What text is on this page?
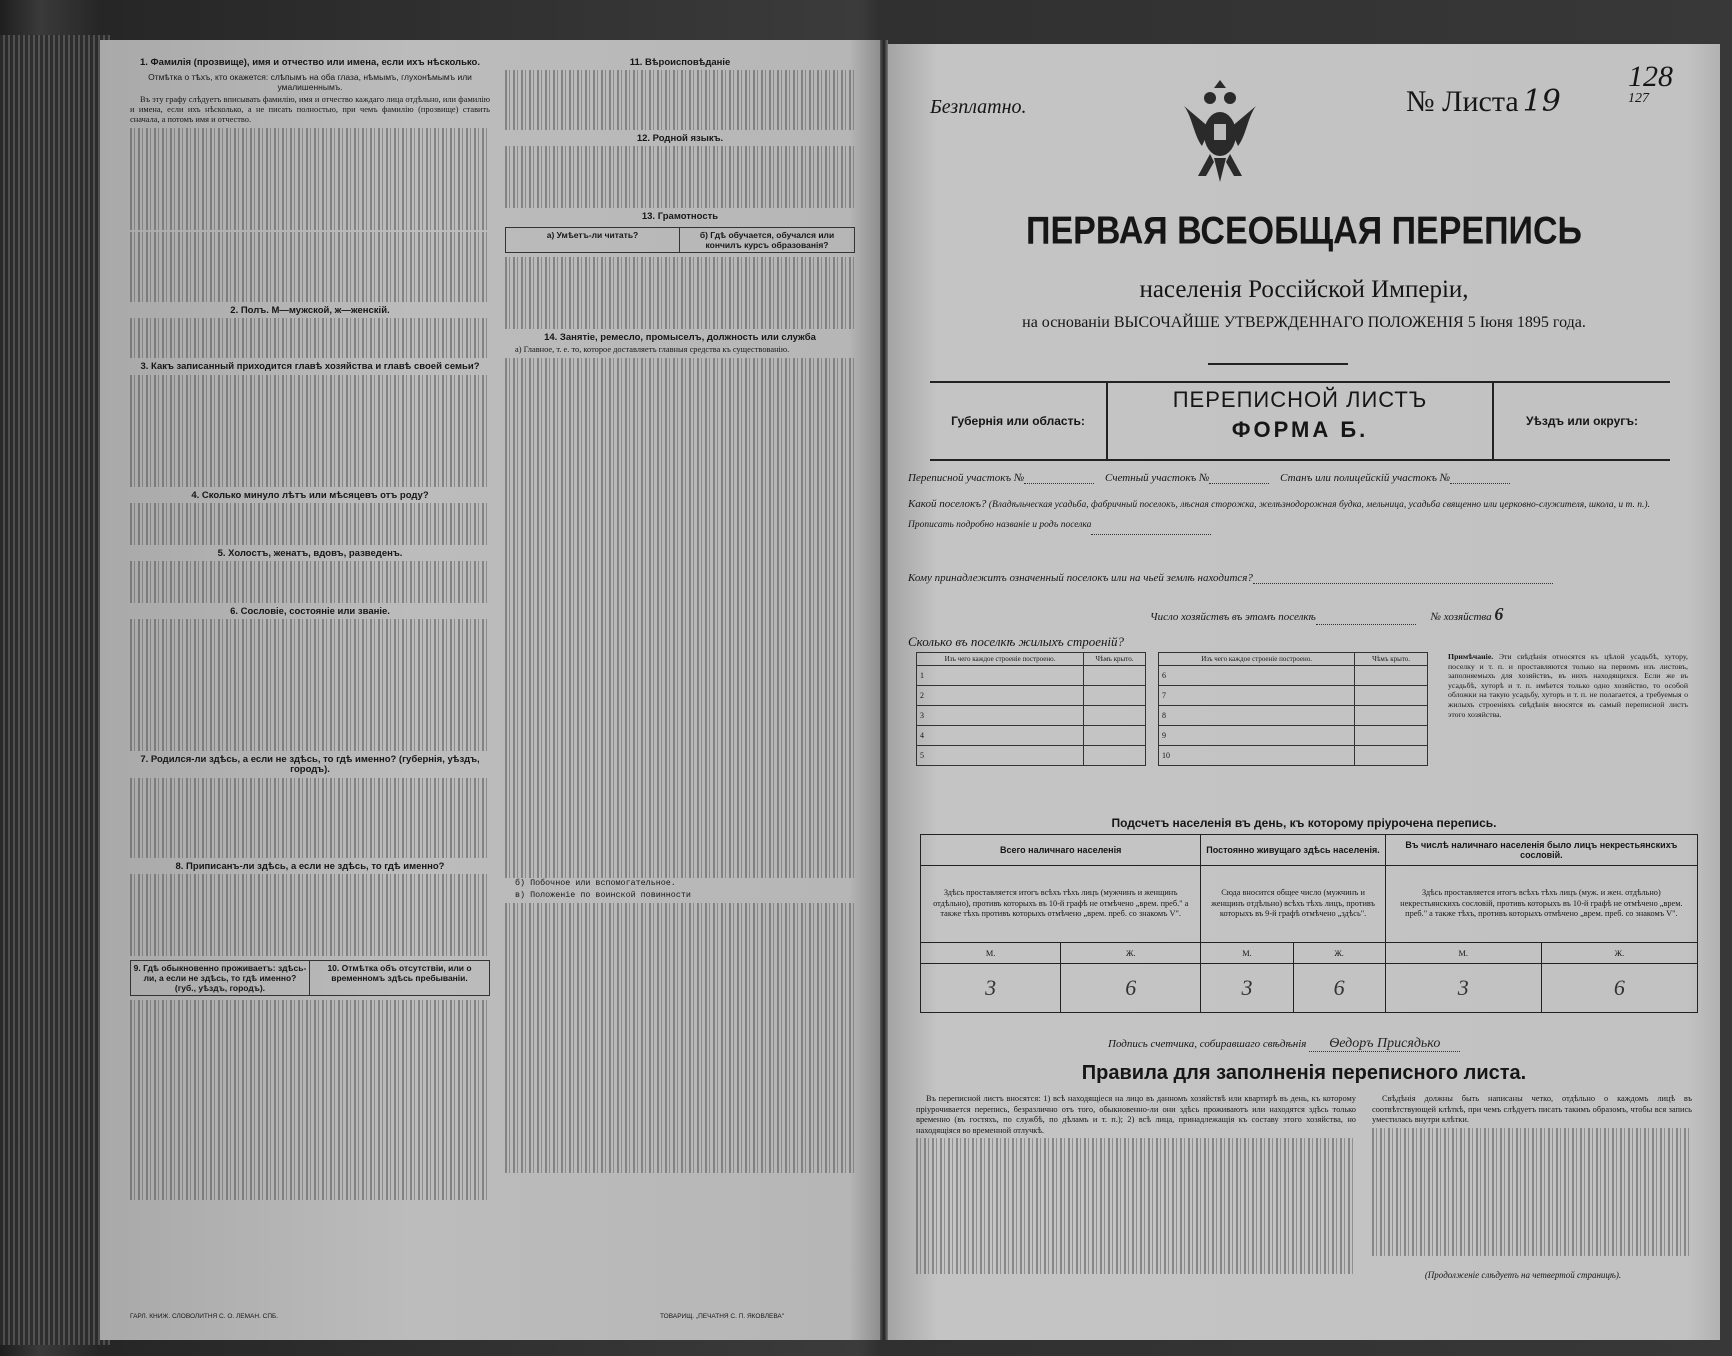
1. Фамилія (прозвище), имя и отчество или имена, если ихъ нѣсколько.
Отмѣтка о тѣхъ, кто окажется: слѣпымъ на оба глаза, нѣмымъ, глухонѣмымъ или умалишеннымъ.

Въ эту графу слѣдуетъ вписывать фамилію, имя и отчество каждаго лица отдѣльно, или фамилію и имена, если ихъ нѣсколько, а не писать полностью, при чемъ фамилію (прозвище) ставить сначала, а потомъ имя и отчество.

2. Полъ. М—мужской, ж—женскій.
3. Какъ записанный приходится главѣ хозяйства и главѣ своей семьи?
4. Сколько минуло лѣтъ или мѣсяцевъ отъ роду?
5. Холостъ, женатъ, вдовъ, разведенъ.
6. Сословіе, состояніе или званіе.
7. Родился-ли здѣсь, а если не здѣсь, то гдѣ именно? (губернія, уѣздъ, городъ).
8. Приписанъ-ли здѣсь, а если не здѣсь, то гдѣ именно?
9. Гдѣ обыкновенно проживаетъ: здѣсь-ли, а если не здѣсь, то гдѣ именно? (губ., уѣздъ, городъ).
10. Отмѣтка объ отсутствіи, или о временномъ здѣсь пребываніи.
ГАРЛ. КНИЖ. СЛОВОЛИТНЯ С. О. ЛЕМАН. СПБ.
11. Вѣроисповѣданіе
12. Родной языкъ.
13. Грамотность
а) Умѣетъ-ли читать?	б) Гдѣ обучается, обучался или кончилъ курсъ образованія?
14. Занятіе, ремесло, промыселъ, должность или служба

а) Главное, т. е. то, которое доставляетъ главныя средства къ существованію.

б) Побочное или вспомогательное.

в) Положеніе по воинской повинности

ТОВАРИЩ. „ПЕЧАТНЯ С. П. ЯКОВЛЕВА"
Безплатно.	№ Листа 19
128
127
ПЕРВАЯ ВСЕОБЩАЯ ПЕРЕПИСЬ
населенія Россійской Имперіи,
на основаніи ВЫСОЧАЙШЕ УТВЕРЖДЕННАГО ПОЛОЖЕНІЯ 5 Іюня 1895 года.
Губернія или область:
ПЕРЕПИСНОЙ ЛИСТЪ
ФОРМА Б.	Уѣздъ или округъ:
Переписной участокъ №	Счетный участокъ №	Станъ или полицейскій участокъ №
Какой поселокъ? (Владѣльческая усадьба, фабричный поселокъ, лѣсная сторожка, желѣзнодорожная будка, мельница, усадьба священно или церковно-служителя, школа, и т. п.). Прописать подробно названіе и родъ поселка
Кому принадлежитъ означенный поселокъ или на чьей землѣ находится?
Число хозяйствъ въ этомъ поселкѣ	№ хозяйства 6
Сколько въ поселкѣ жилыхъ строеній?
Изъ чего каждое строеніе построено.	Чѣмъ крыто.
1	
2	
3	
4	
5	
Изъ чего каждое строеніе построено.	Чѣмъ крыто.
6	
7	
8	
9	
10	
Примѣчаніе. Эти свѣдѣнія относятся къ цѣлой усадьбѣ, хутору, поселку и т. п. и проставляются только на первомъ изъ листовъ, заполняемыхъ для хозяйствъ, въ нихъ находящихся. Если же въ усадьбѣ, хуторѣ и т. п. имѣется только одно хозяйство, то особой обложки на такую усадьбу, хуторъ и т. п. не полагается, а требуемыя о жилыхъ строеніяхъ свѣдѣнія вносятся въ самый переписной листъ этого хозяйства.
Подсчетъ населенія въ день, къ которому пріурочена перепись.
Всего наличнаго населенія		Постоянно живущаго здѣсь населенія.		Въ числѣ наличнаго населенія было лицъ некрестьянскихъ сословій.	
Здѣсь проставляется итогъ всѣхъ тѣхъ лицъ (мужчинъ и женщинъ отдѣльно), противъ которыхъ въ 10-й графѣ не отмѣчено „врем. преб." а также тѣхъ противъ которыхъ отмѣчено „врем. преб. со знакомъ V".		Сюда вносится общее число (мужчинъ и женщинъ отдѣльно) всѣхъ тѣхъ лицъ, противъ которыхъ въ 9-й графѣ отмѣчено „здѣсь".		Здѣсь проставляется итогъ всѣхъ тѣхъ лицъ (муж. и жен. отдѣльно) некрестьянскихъ сословій, противъ которыхъ въ 10-й графѣ не отмѣчено „врем. преб." а также тѣхъ, противъ которыхъ отмѣчено „врем. преб. со знакомъ V".	
М.	Ж.	М.	Ж.	М.	Ж.
3	6	3	6	3	6
Подпись счетчика, собиравшаго свѣдѣнія Ѳедоръ Присядько
Правила для заполненія переписного листа.

Въ переписной листъ вносятся: 1) всѣ находящіеся на лицо въ данномъ хозяйствѣ или квартирѣ въ день, къ которому пріурочивается перепись, безразлично отъ того, обыкновенно-ли они здѣсь проживаютъ или находятся здѣсь только временно (въ гостяхъ, по службѣ, по дѣламъ и т. п.); 2) всѣ лица, принадлежащія къ составу этого хозяйства, но находящіяся во временной отлучкѣ.

Свѣдѣнія должны быть написаны четко, отдѣльно о каждомъ лицѣ въ соотвѣтствующей клѣткѣ, при чемъ слѣдуетъ писать такимъ образомъ, чтобы вся запись уместилась внутри клѣтки.

(Продолженіе слѣдуетъ на четвертой страницѣ).
